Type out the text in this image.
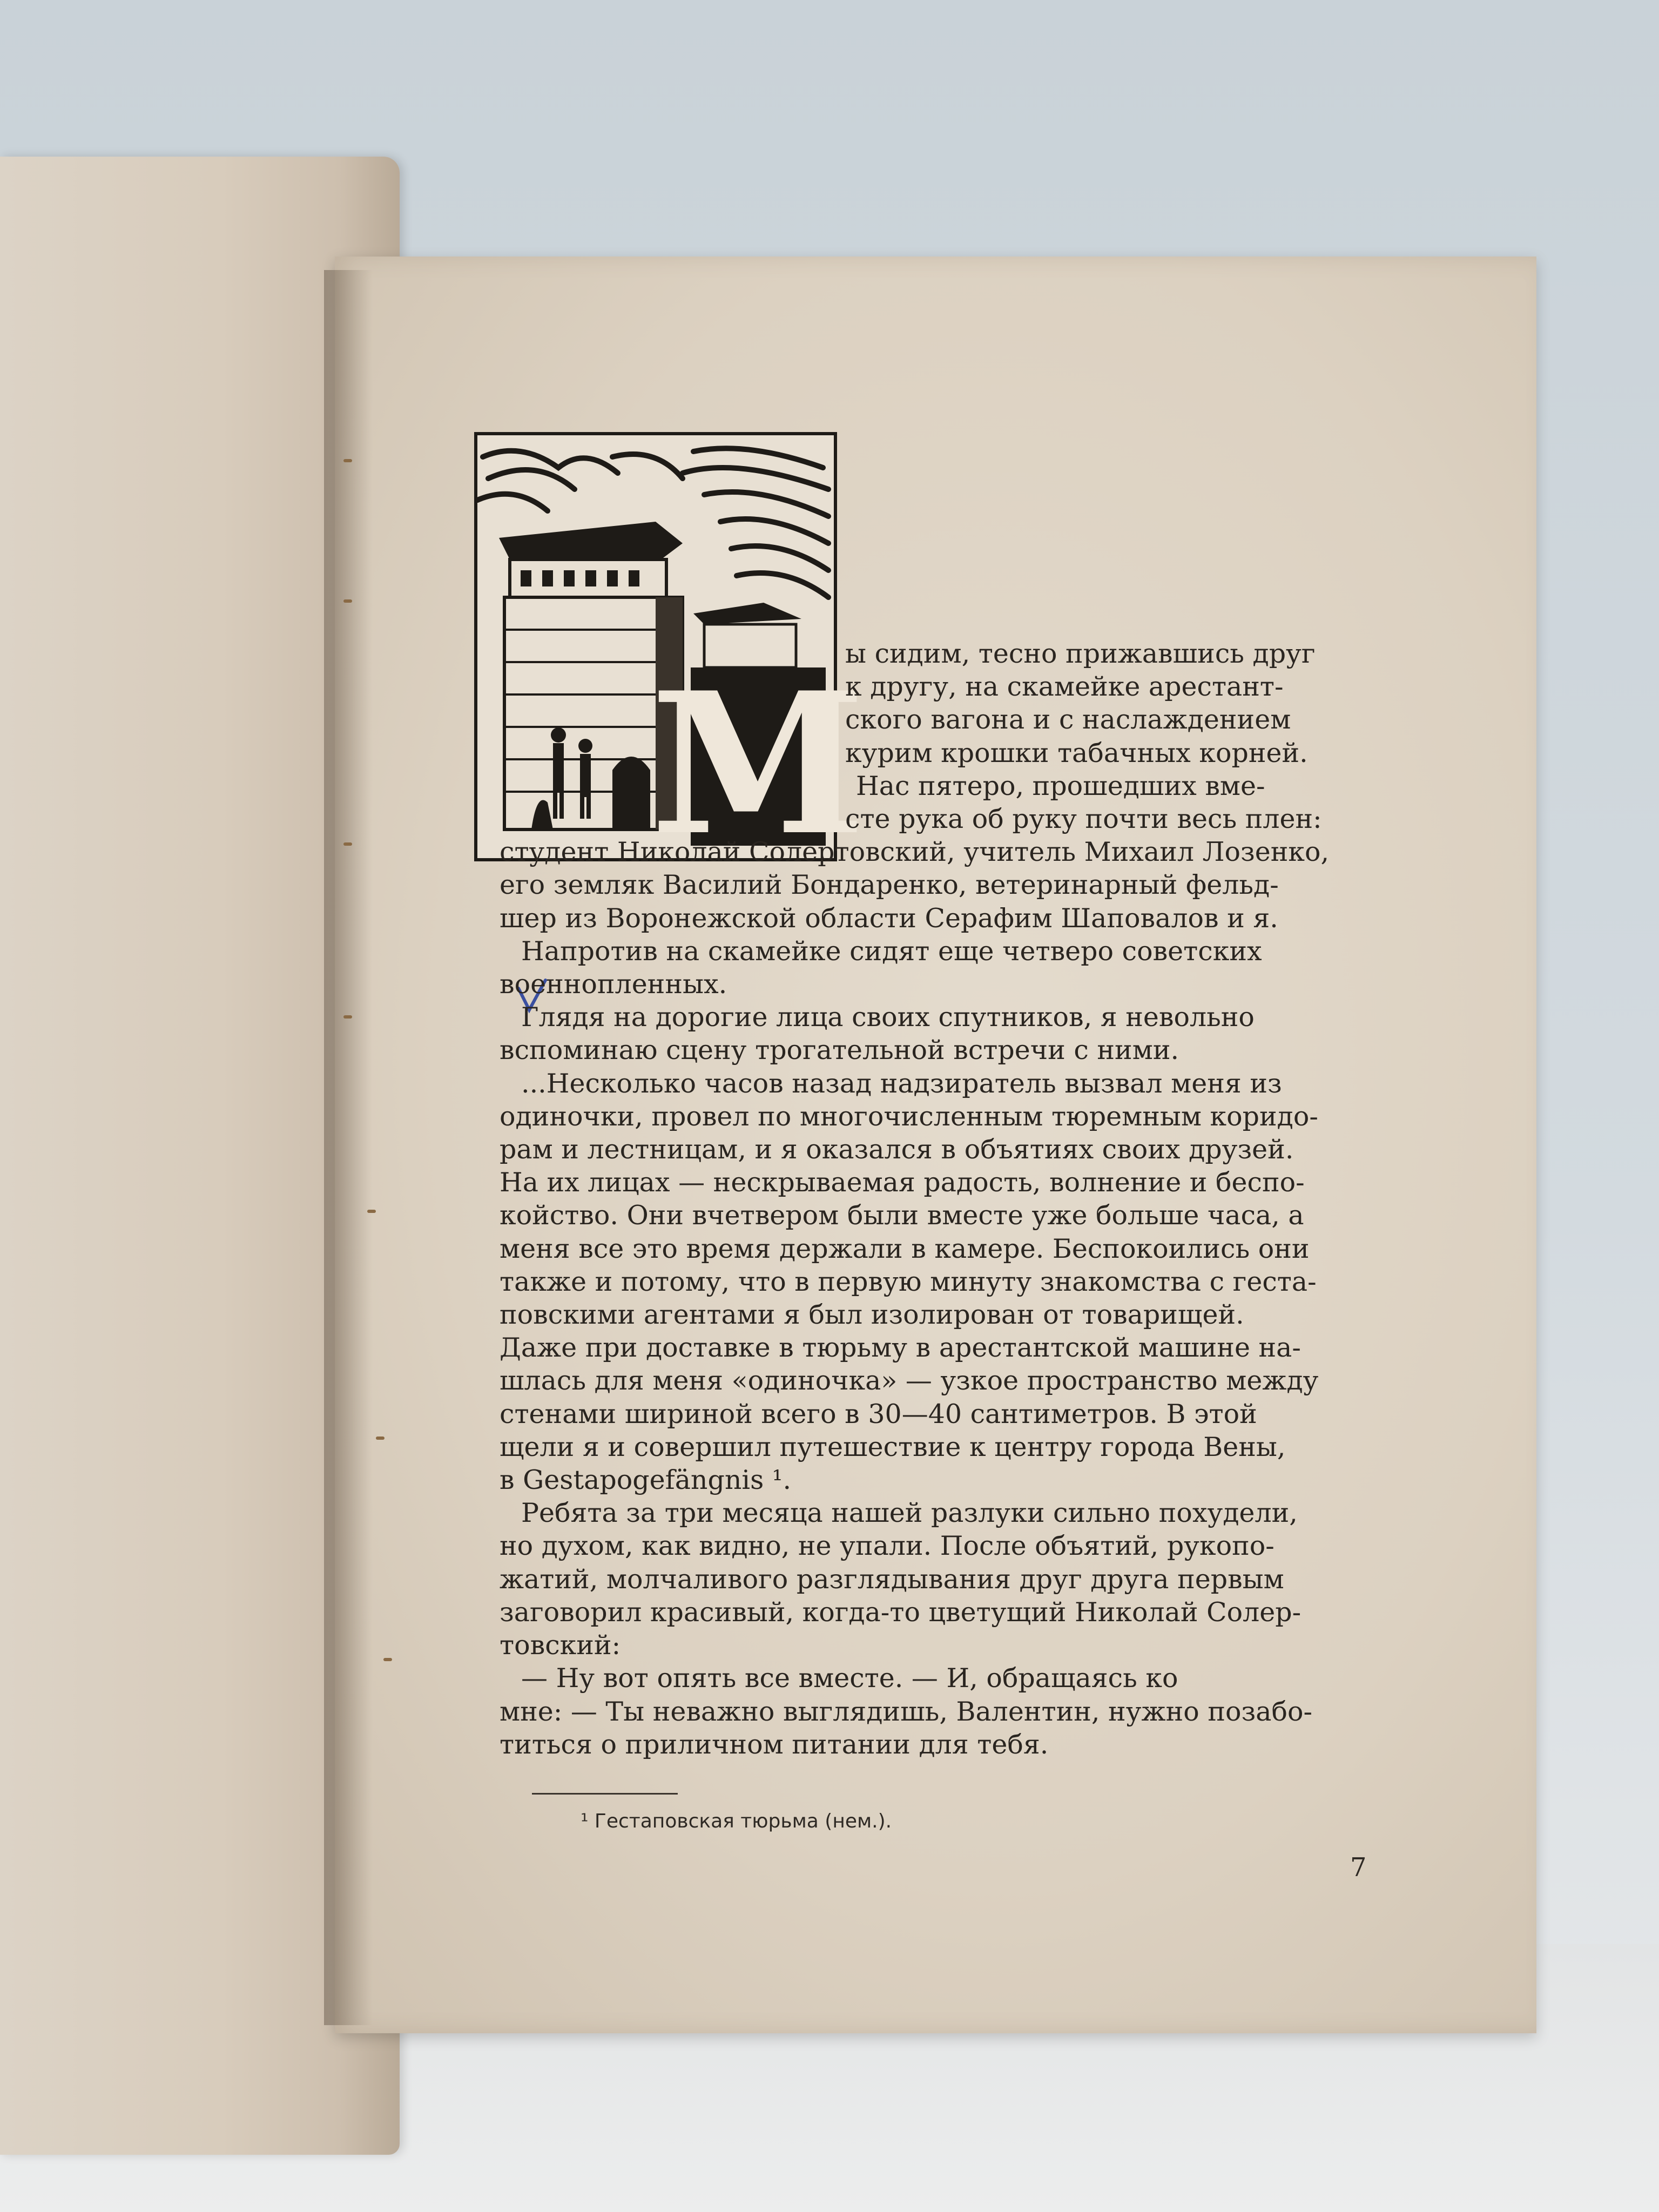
М
ы сидим, тесно прижавшись друг
к другу, на скамейке арестант-
ского вагона и с наслаждением
курим крошки табачных корней.
Нас пятеро, прошедших вме-
сте рука об руку почти весь плен:
студент Николай Солертовский, учитель Михаил Лозенко,
его земляк Василий Бондаренко, ветеринарный фельд-
шер из Воронежской области Серафим Шаповалов и я.
Напротив на скамейке сидят еще четверо советских
военнопленных.
Глядя на дорогие лица своих спутников, я невольно
вспоминаю сцену трогательной встречи с ними.
...Несколько часов назад надзиратель вызвал меня из
одиночки, провел по многочисленным тюремным коридо-
рам и лестницам, и я оказался в объятиях своих друзей.
На их лицах — нескрываемая радость, волнение и беспо-
койство. Они вчетвером были вместе уже больше часа, а
меня все это время держали в камере. Беспокоились они
также и потому, что в первую минуту знакомства с геста-
повскими агентами я был изолирован от товарищей.
Даже при доставке в тюрьму в арестантской машине на-
шлась для меня «одиночка» — узкое пространство между
стенами шириной всего в 30—40 сантиметров. В этой
щели я и совершил путешествие к центру города Вены,
в Gestapogefängnis ¹.
Ребята за три месяца нашей разлуки сильно похудели,
но духом, как видно, не упали. После объятий, рукопо-
жатий, молчаливого разглядывания друг друга первым
заговорил красивый, когда-то цветущий Николай Солер-
товский:
— Ну вот опять все вместе. — И, обращаясь ко
мне: — Ты неважно выглядишь, Валентин, нужно позабо-
титься о приличном питании для тебя.
¹ Гестаповская тюрьма (нем.).
7
